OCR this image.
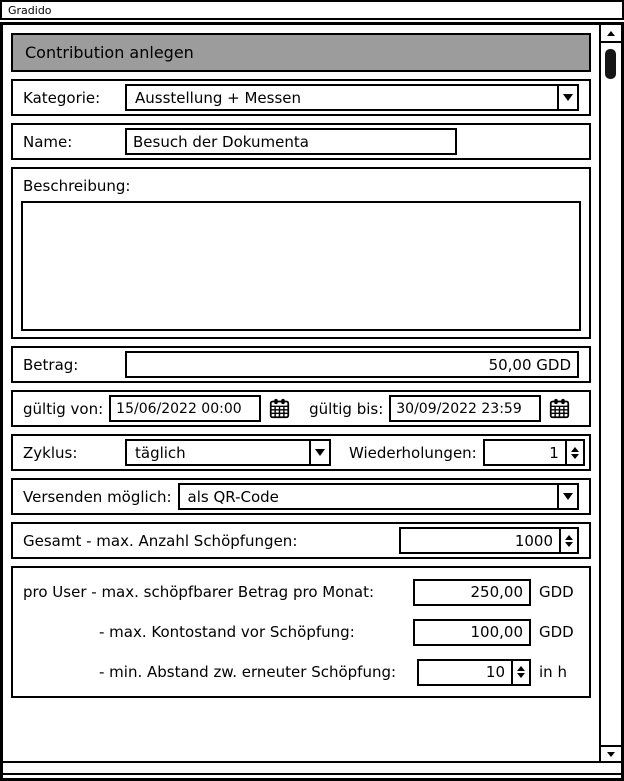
Gradido
Contribution anlegen
Kategorie:	Ausstellung + Messen
Name:
Besuch der Dokumenta
Beschreibung:
Betrag:
50,00 GDD
gültig von:
15/06/2022 00:00	gültig bis:
30/09/2022 23:59
Zyklus:	täglich	Wiederholungen:
1
Versenden möglich:	als QR-Code
Gesamt - max. Anzahl Schöpfungen:
1000
pro User - max. schöpfbarer Betrag pro Monat:
250,00	GDD
- max. Kontostand vor Schöpfung:
100,00	GDD
- min. Abstand zw. erneuter Schöpfung:
10	in h
